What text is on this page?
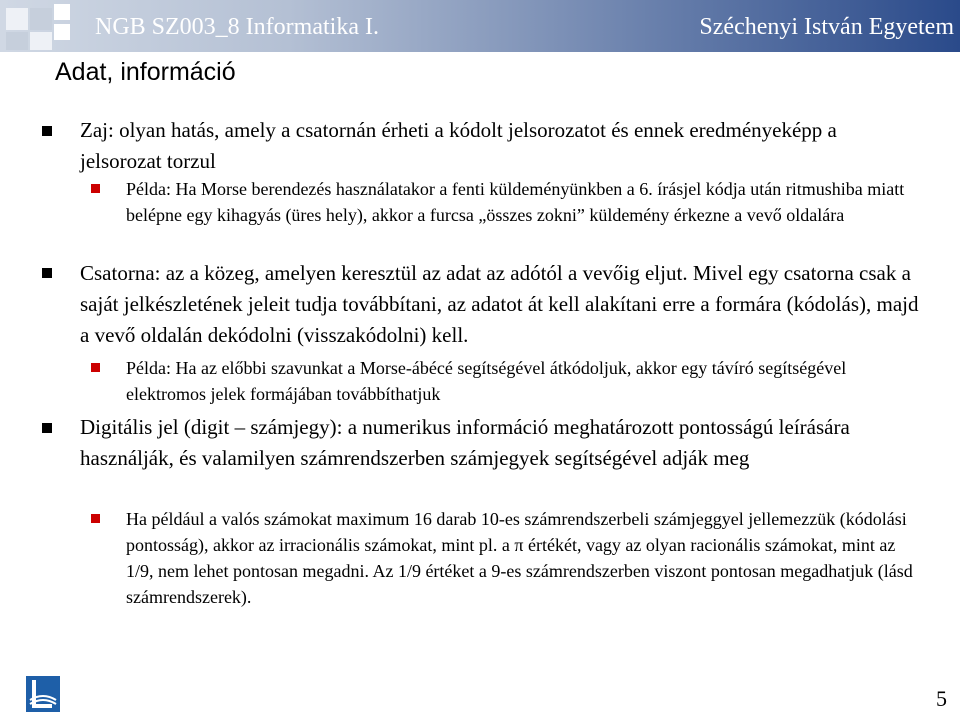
NGB SZ003_8 Informatika I.	Széchenyi István Egyetem
Adat, információ
Zaj: olyan hatás, amely a csatornán érheti a kódolt jelsorozatot és ennek eredményeképp a jelsorozat torzul
Példa: Ha Morse berendezés használatakor a fenti küldeményünkben a 6. írásjel kódja után ritmushiba miatt belépne egy kihagyás (üres hely), akkor a furcsa „összes zokni” küldemény érkezne a vevő oldalára
Csatorna: az a közeg, amelyen keresztül az adat az adótól a vevőig eljut. Mivel egy csatorna csak a saját jelkészletének jeleit tudja továbbítani, az adatot át kell alakítani erre a formára (kódolás), majd a vevő oldalán dekódolni (visszakódolni) kell.
Példa: Ha az előbbi szavunkat a Morse-ábécé segítségével átkódoljuk, akkor egy távíró segítségével elektromos jelek formájában továbbíthatjuk
Digitális jel (digit – számjegy): a numerikus információ meghatározott pontosságú leírására használják, és valamilyen számrendszerben számjegyek segítségével adják meg
Ha például a valós számokat maximum 16 darab 10-es számrendszerbeli számjeggyel jellemezzük (kódolási pontosság), akkor az irracionális számokat, mint pl. a π értékét, vagy az olyan racionális számokat, mint az 1/9, nem lehet pontosan megadni. Az 1/9 értéket a 9-es számrendszerben viszont pontosan megadhatjuk (lásd számrendszerek).
5
